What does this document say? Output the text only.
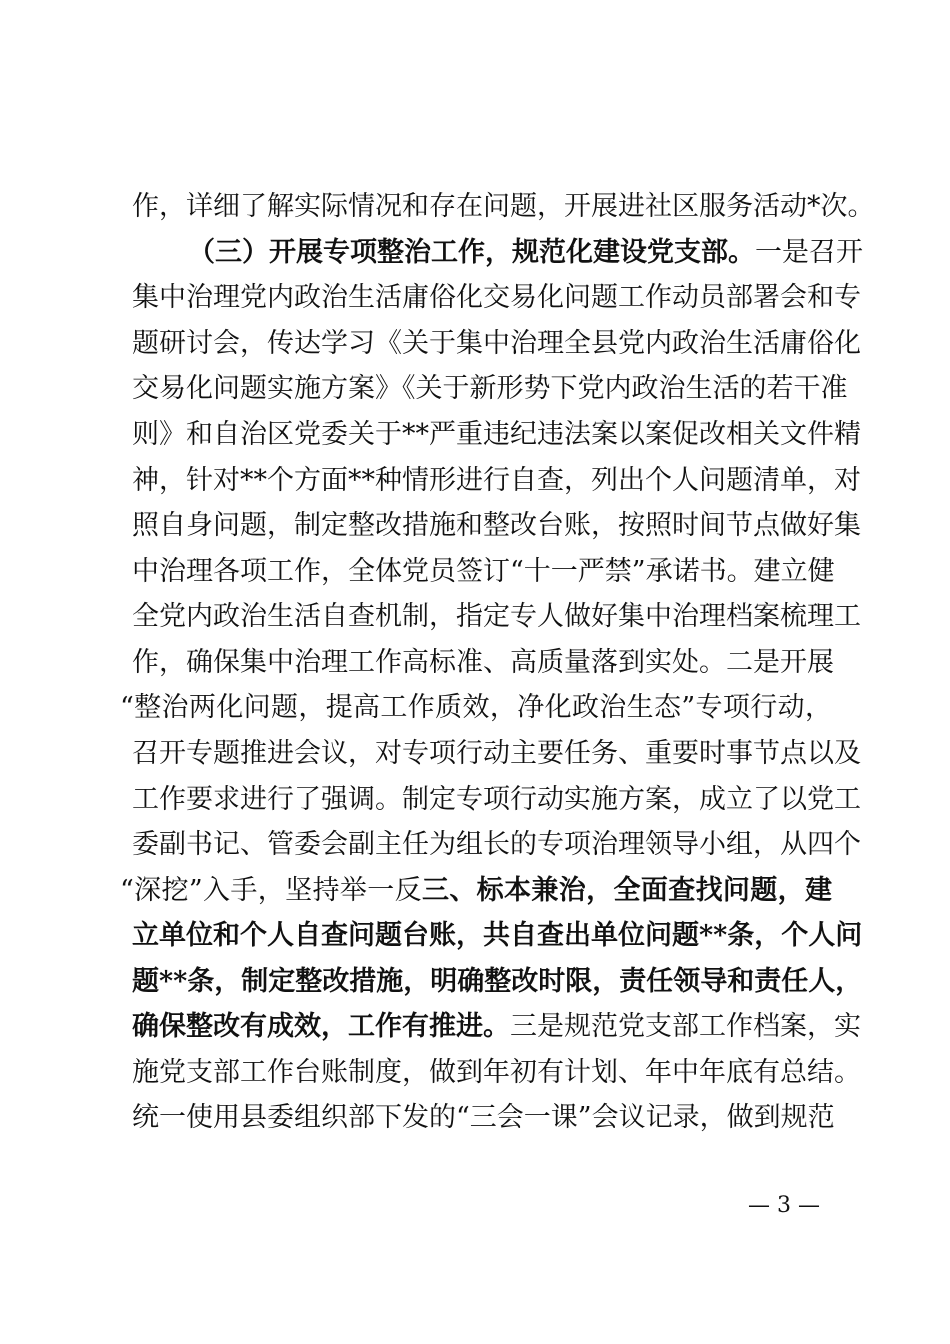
作，详细了解实际情况和存在问题，开展进社区服务活动*次。
（三）开展专项整治工作，规范化建设党支部。一是召开
集中治理党内政治生活庸俗化交易化问题工作动员部署会和专
题研讨会，传达学习《关于集中治理全县党内政治生活庸俗化
交易化问题实施方案》《关于新形势下党内政治生活的若干准
则》和自治区党委关于**严重违纪违法案以案促改相关文件精
神，针对**个方面**种情形进行自查，列出个人问题清单，对
照自身问题，制定整改措施和整改台账，按照时间节点做好集
中治理各项工作，全体党员签订“十一严禁”承诺书。建立健
全党内政治生活自查机制，指定专人做好集中治理档案梳理工
作，确保集中治理工作高标准、高质量落到实处。二是开展
“整治两化问题，提高工作质效，净化政治生态”专项行动，
召开专题推进会议，对专项行动主要任务、重要时事节点以及
工作要求进行了强调。制定专项行动实施方案，成立了以党工
委副书记、管委会副主任为组长的专项治理领导小组，从四个
“深挖”入手，坚持举一反三、标本兼治，全面查找问题，建
立单位和个人自查问题台账，共自查出单位问题**条，个人问
题**条，制定整改措施，明确整改时限，责任领导和责任人，
确保整改有成效，工作有推进。三是规范党支部工作档案，实
施党支部工作台账制度，做到年初有计划、年中年底有总结。
统一使用县委组织部下发的“三会一课”会议记录，做到规范
— 3 —
